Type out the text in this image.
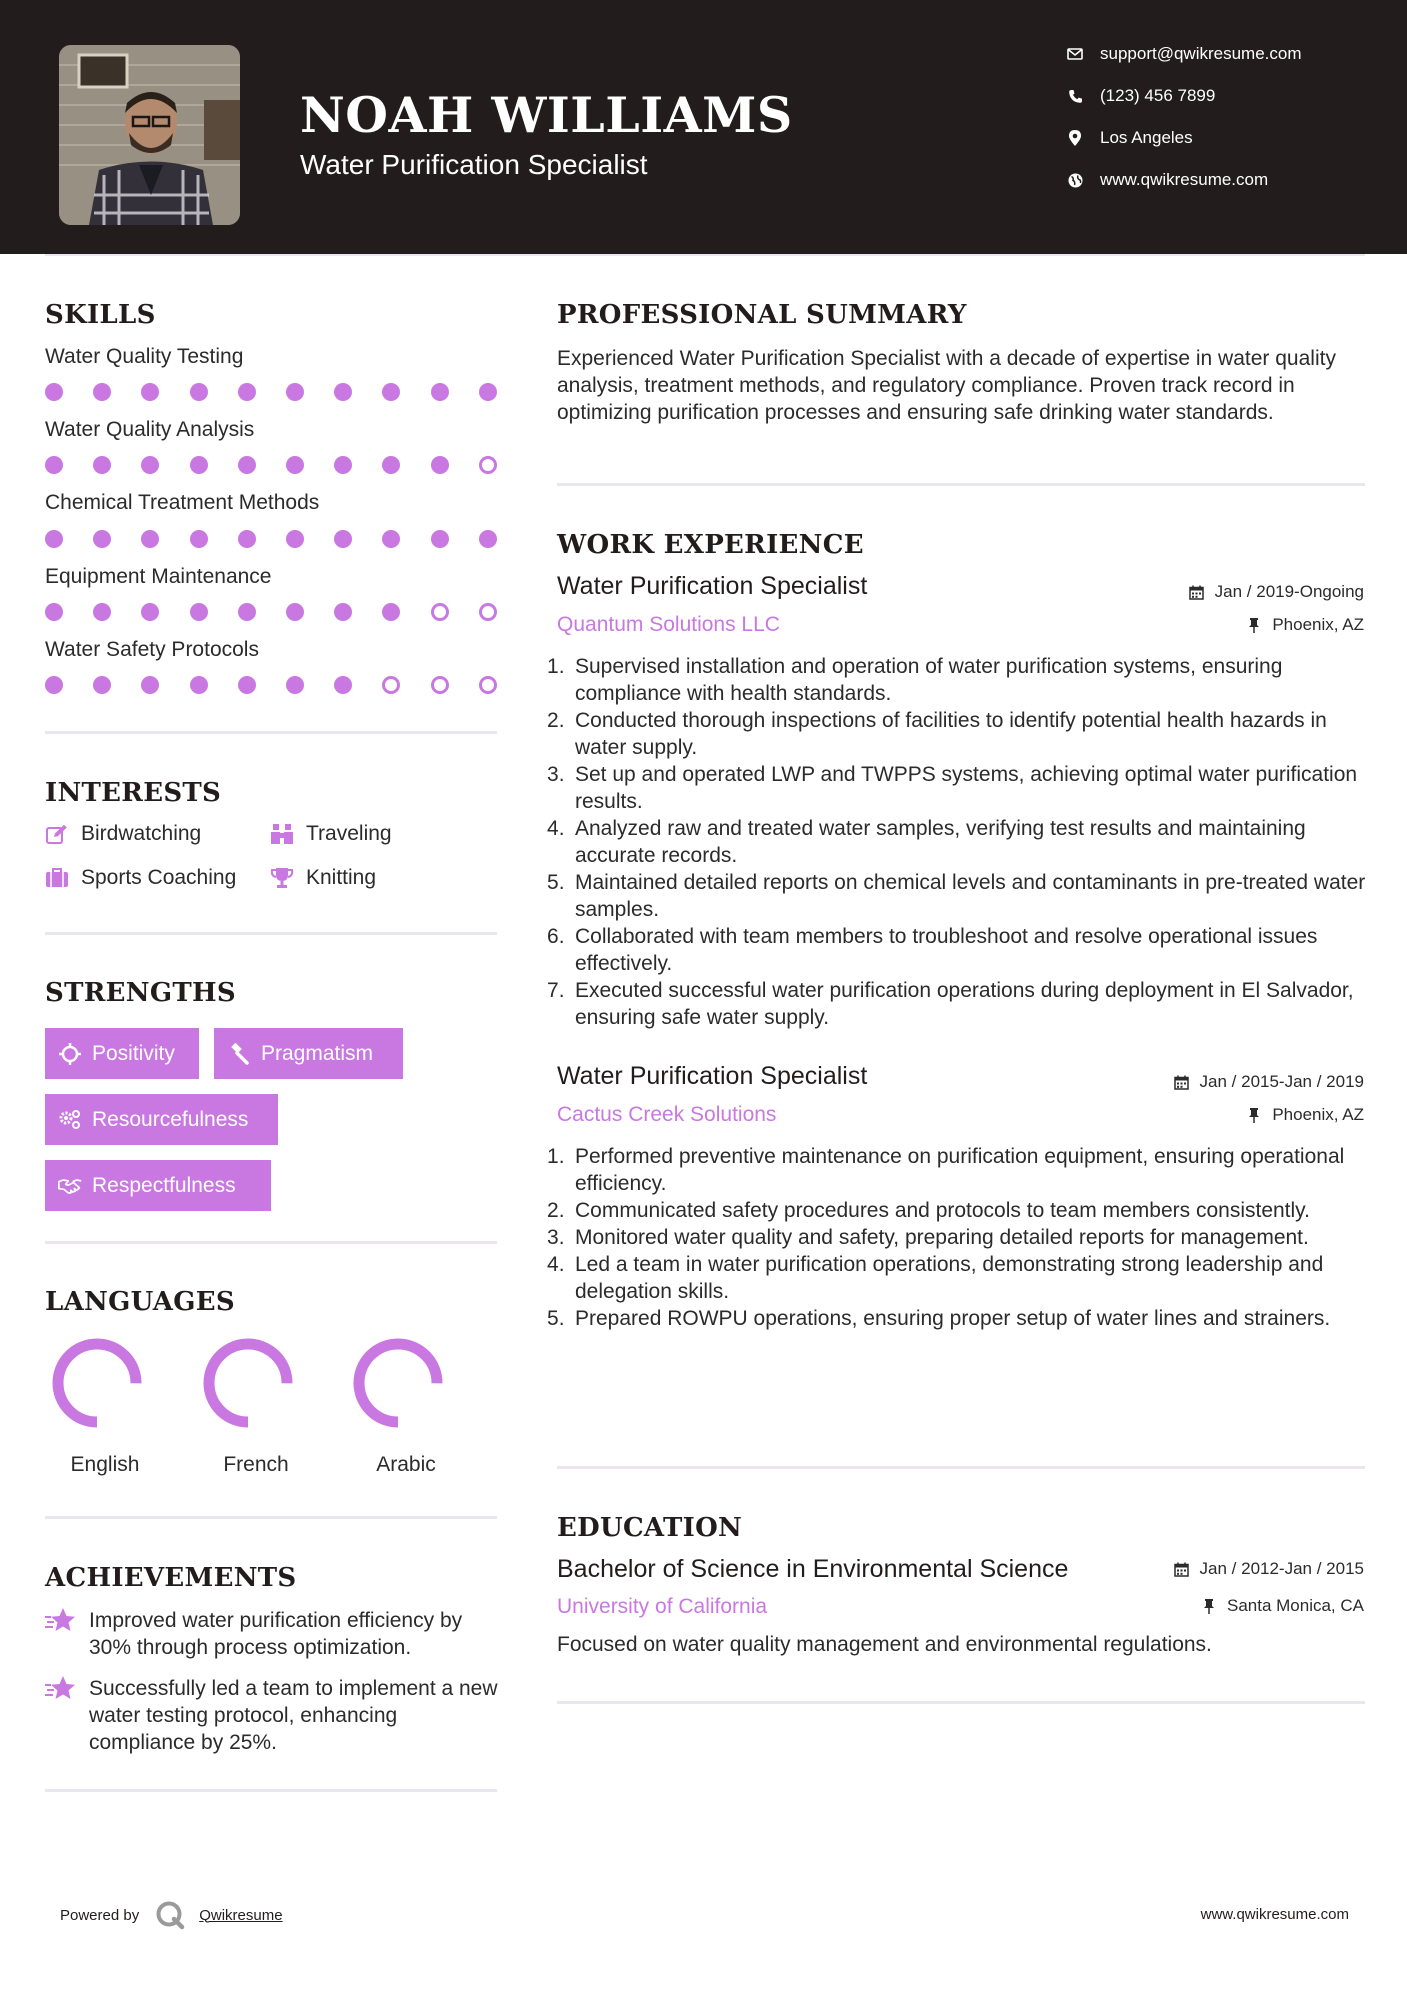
NOAH WILLIAMS
Water Purification Specialist
support@qwikresume.com
(123) 456 7899
Los Angeles
www.qwikresume.com
SKILLS
Water Quality Testing
Water Quality Analysis
Chemical Treatment Methods
Equipment Maintenance
Water Safety Protocols
INTERESTS
Birdwatching	Traveling
Sports Coaching	Knitting
STRENGTHS
Positivity	Pragmatism
Resourcefulness
Respectfulness
LANGUAGES
English	French	Arabic
ACHIEVEMENTS
Improved water purification efficiency by 30% through process optimization.
Successfully led a team to implement a new water testing protocol, enhancing compliance by 25%.
PROFESSIONAL SUMMARY
Experienced Water Purification Specialist with a decade of expertise in water quality analysis, treatment methods, and regulatory compliance. Proven track record in optimizing purification processes and ensuring safe drinking water standards.
WORK EXPERIENCE
Water Purification Specialist	Jan / 2019-Ongoing
Quantum Solutions LLC	Phoenix, AZ
Supervised installation and operation of water purification systems, ensuring compliance with health standards.
Conducted thorough inspections of facilities to identify potential health hazards in water supply.
Set up and operated LWP and TWPPS systems, achieving optimal water purification results.
Analyzed raw and treated water samples, verifying test results and maintaining accurate records.
Maintained detailed reports on chemical levels and contaminants in pre-treated water samples.
Collaborated with team members to troubleshoot and resolve operational issues effectively.
Executed successful water purification operations during deployment in El Salvador, ensuring safe water supply.
Water Purification Specialist	Jan / 2015-Jan / 2019
Cactus Creek Solutions	Phoenix, AZ
Performed preventive maintenance on purification equipment, ensuring operational efficiency.
Communicated safety procedures and protocols to team members consistently.
Monitored water quality and safety, preparing detailed reports for management.
Led a team in water purification operations, demonstrating strong leadership and delegation skills.
Prepared ROWPU operations, ensuring proper setup of water lines and strainers.
EDUCATION
Bachelor of Science in Environmental Science	Jan / 2012-Jan / 2015
University of California	Santa Monica, CA
Focused on water quality management and environmental regulations.
Powered by	Qwikresume	www.qwikresume.com
